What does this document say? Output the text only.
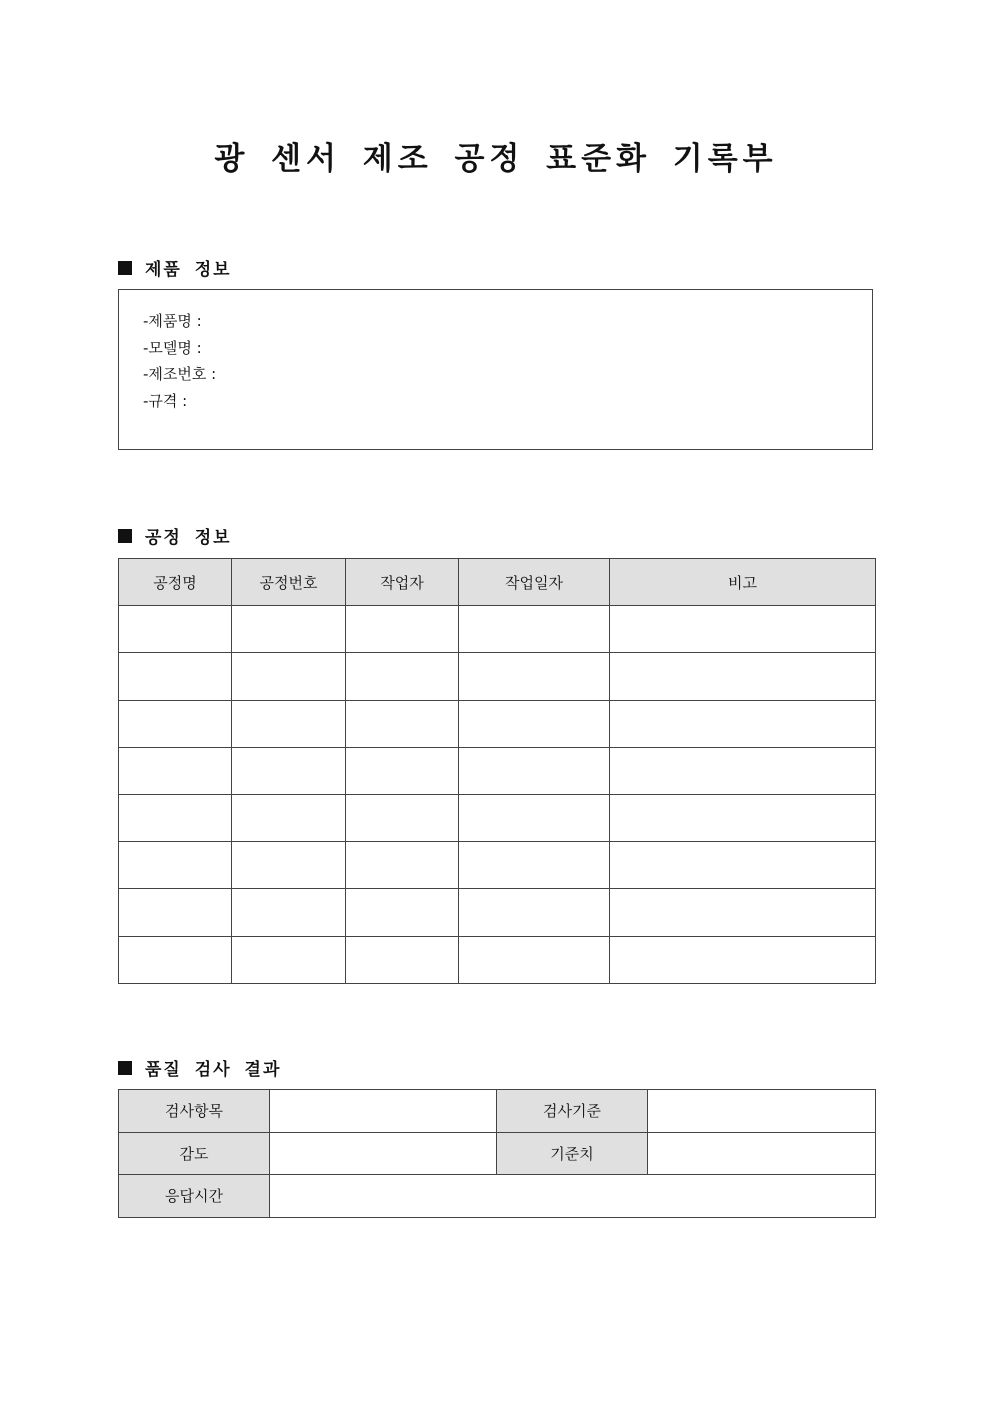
광 센서 제조 공정 표준화 기록부
제품 정보
-제품명 :
-모델명 :
-제조번호 :
-규격 :
공정 정보
공정명	공정번호	작업자	작업일자	비고

품질 검사 결과
검사항목		검사기준	
감도		기준치	
응답시간			
